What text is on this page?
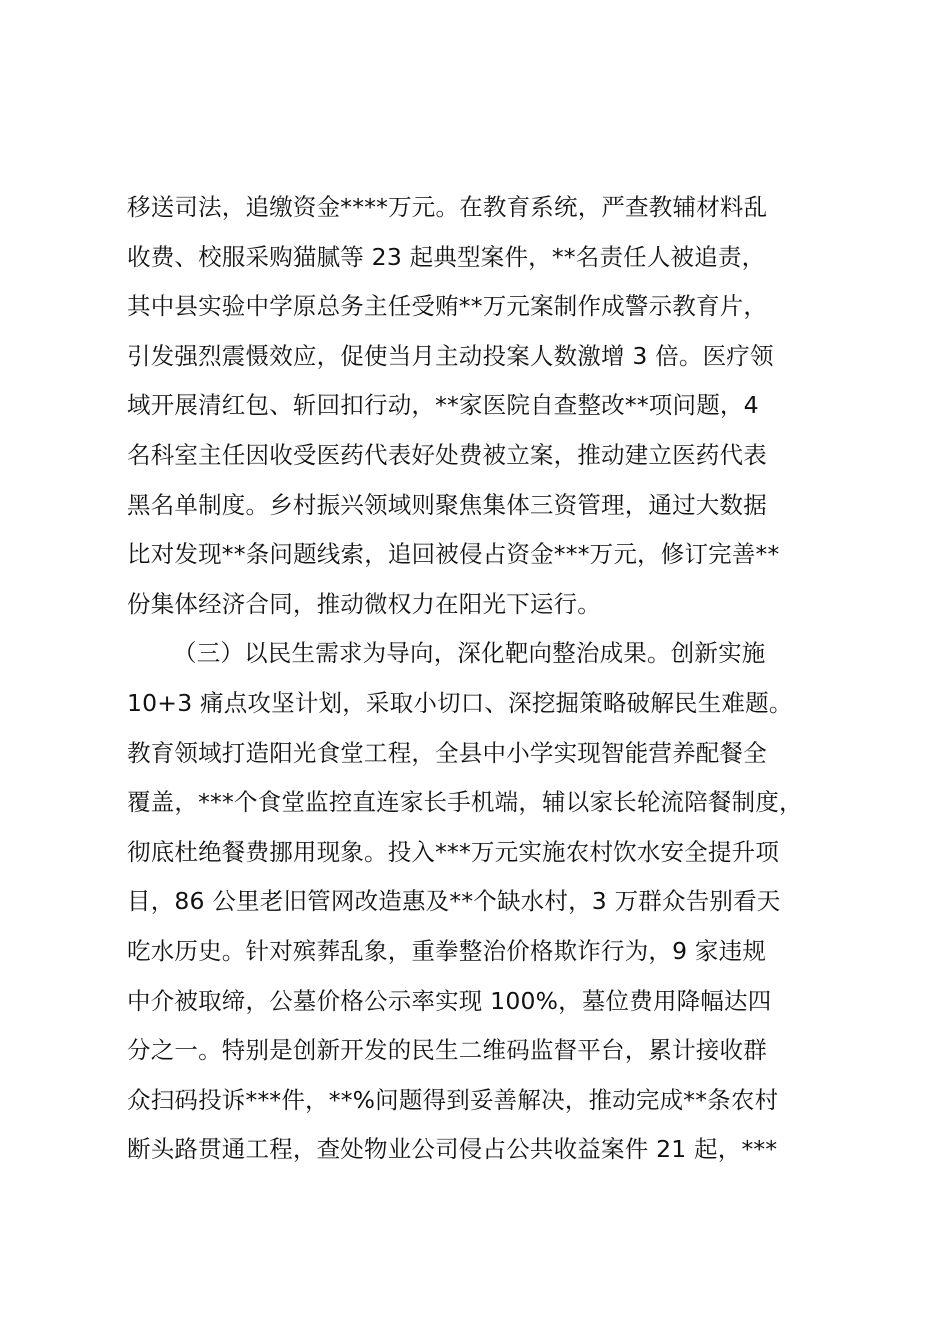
移送司法，追缴资金****万元。在教育系统，严查教辅材料乱
收费、校服采购猫腻等 23 起典型案件，**名责任人被追责，
其中县实验中学原总务主任受贿**万元案制作成警示教育片，
引发强烈震慑效应，促使当月主动投案人数激增 3 倍。医疗领
域开展清红包、斩回扣行动，**家医院自查整改**项问题，4
名科室主任因收受医药代表好处费被立案，推动建立医药代表
黑名单制度。乡村振兴领域则聚焦集体三资管理，通过大数据
比对发现**条问题线索，追回被侵占资金***万元，修订完善**
份集体经济合同，推动微权力在阳光下运行。
（三）以民生需求为导向，深化靶向整治成果。创新实施
10+3 痛点攻坚计划，采取小切口、深挖掘策略破解民生难题。
教育领域打造阳光食堂工程，全县中小学实现智能营养配餐全
覆盖，***个食堂监控直连家长手机端，辅以家长轮流陪餐制度，
彻底杜绝餐费挪用现象。投入***万元实施农村饮水安全提升项
目，86 公里老旧管网改造惠及**个缺水村，3 万群众告别看天
吃水历史。针对殡葬乱象，重拳整治价格欺诈行为，9 家违规
中介被取缔，公墓价格公示率实现 100%，墓位费用降幅达四
分之一。特别是创新开发的民生二维码监督平台，累计接收群
众扫码投诉***件，**%问题得到妥善解决，推动完成**条农村
断头路贯通工程，查处物业公司侵占公共收益案件 21 起，***
